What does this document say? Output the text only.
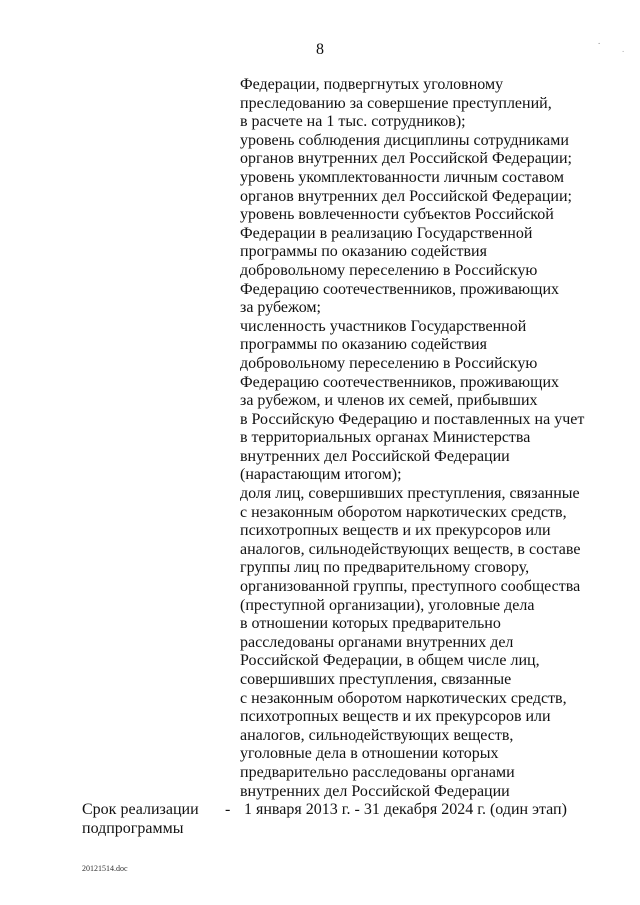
8	.
.
Федерации, подвергнутых уголовному
преследованию за совершение преступлений,
в расчете на 1 тыс. сотрудников);
уровень соблюдения дисциплины сотрудниками
органов внутренних дел Российской Федерации;
уровень укомплектованности личным составом
органов внутренних дел Российской Федерации;
уровень вовлеченности субъектов Российской
Федерации в реализацию Государственной
программы по оказанию содействия
добровольному переселению в Российскую
Федерацию соотечественников, проживающих
за рубежом;
численность участников Государственной
программы по оказанию содействия
добровольному переселению в Российскую
Федерацию соотечественников, проживающих
за рубежом, и членов их семей, прибывших
в Российскую Федерацию и поставленных на учет
в территориальных органах Министерства
внутренних дел Российской Федерации
(нарастающим итогом);
доля лиц, совершивших преступления, связанные
с незаконным оборотом наркотических средств,
психотропных веществ и их прекурсоров или
аналогов, сильнодействующих веществ, в составе
группы лиц по предварительному сговору,
организованной группы, преступного сообщества
(преступной организации), уголовные дела
в отношении которых предварительно
расследованы органами внутренних дел
Российской Федерации, в общем числе лиц,
совершивших преступления, связанные
с незаконным оборотом наркотических средств,
психотропных веществ и их прекурсоров или
аналогов, сильнодействующих веществ,
уголовные дела в отношении которых
предварительно расследованы органами
внутренних дел Российской Федерации
Срок реализации
подпрограммы
- 1 января 2013 г. - 31 декабря 2024 г. (один этап)
20121514.doc
